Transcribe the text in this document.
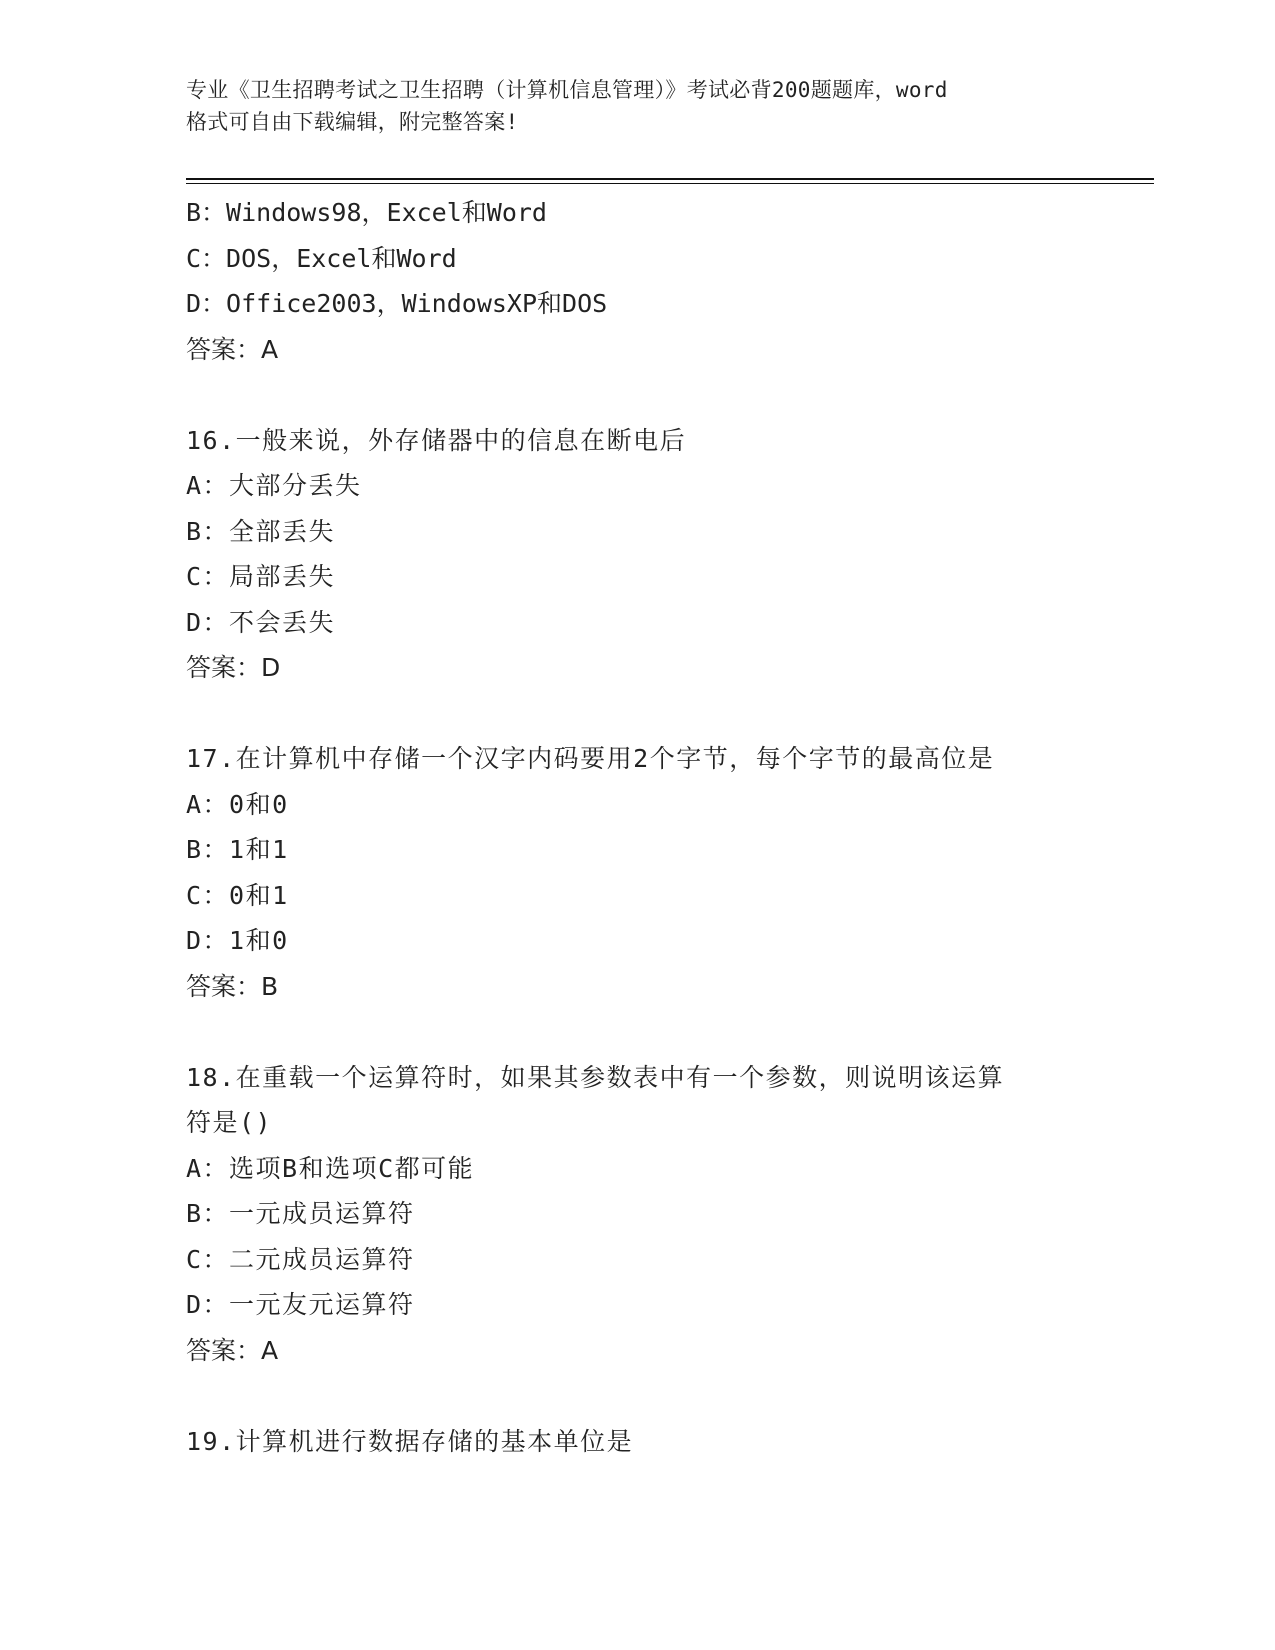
专业《卫生招聘考试之卫生招聘（计算机信息管理）》考试必背200题题库，word
格式可自由下载编辑，附完整答案!
B：Windows98，Excel和Word
C：DOS，Excel和Word
D：Office2003，WindowsXP和DOS
答案：A
16.一般来说，外存储器中的信息在断电后
A：大部分丢失
B：全部丢失
C：局部丢失
D：不会丢失
答案：D
17.在计算机中存储一个汉字内码要用2个字节，每个字节的最高位是
A：0和0
B：1和1
C：0和1
D：1和0
答案：B
18.在重载一个运算符时，如果其参数表中有一个参数，则说明该运算
符是()
A：选项B和选项C都可能
B：一元成员运算符
C：二元成员运算符
D：一元友元运算符
答案：A
19.计算机进行数据存储的基本单位是
